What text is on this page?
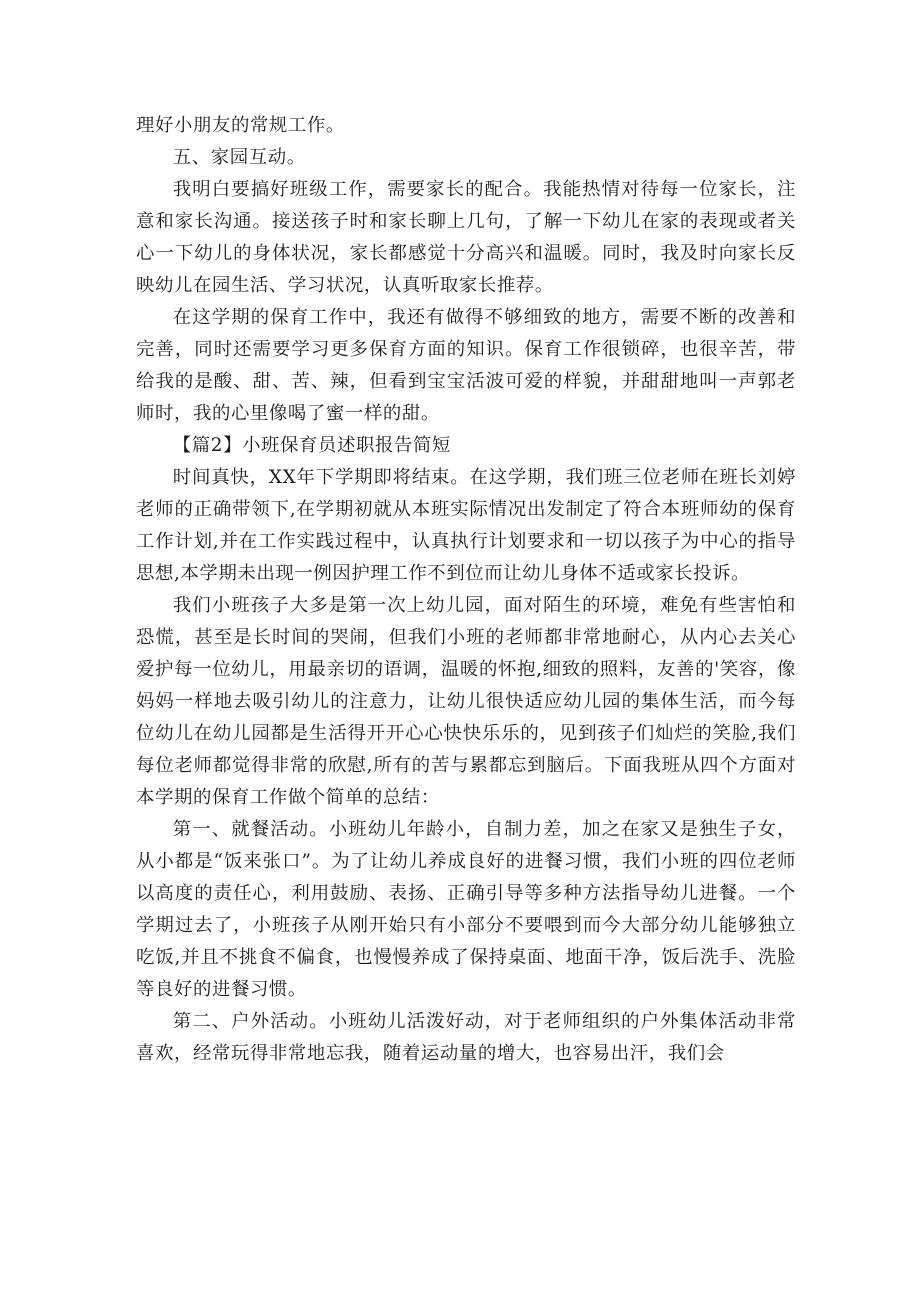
理好小朋友的常规工作。

五、家园互动。

我明白要搞好班级工作，需要家长的配合。我能热情对待每一位家长，注意和家长沟通。接送孩子时和家长聊上几句，了解一下幼儿在家的表现或者关心一下幼儿的身体状况，家长都感觉十分高兴和温暖。同时，我及时向家长反映幼儿在园生活、学习状况，认真听取家长推荐。

在这学期的保育工作中，我还有做得不够细致的地方，需要不断的改善和完善，同时还需要学习更多保育方面的知识。保育工作很锁碎，也很辛苦，带给我的是酸、甜、苦、辣，但看到宝宝活波可爱的样貌，并甜甜地叫一声郭老师时，我的心里像喝了蜜一样的甜。

【篇2】小班保育员述职报告简短

时间真快，XX年下学期即将结束。在这学期，我们班三位老师在班长刘婷老师的正确带领下,在学期初就从本班实际情况出发制定了符合本班师幼的保育工作计划,并在工作实践过程中，认真执行计划要求和一切以孩子为中心的指导思想,本学期未出现一例因护理工作不到位而让幼儿身体不适或家长投诉。

我们小班孩子大多是第一次上幼儿园，面对陌生的环境，难免有些害怕和恐慌，甚至是长时间的哭闹，但我们小班的老师都非常地耐心，从内心去关心爱护每一位幼儿，用最亲切的语调，温暖的怀抱,细致的照料，友善的'笑容，像妈妈一样地去吸引幼儿的注意力，让幼儿很快适应幼儿园的集体生活，而今每位幼儿在幼儿园都是生活得开开心心快快乐乐的，见到孩子们灿烂的笑脸,我们每位老师都觉得非常的欣慰,所有的苦与累都忘到脑后。下面我班从四个方面对本学期的保育工作做个简单的总结：

第一、就餐活动。小班幼儿年龄小，自制力差，加之在家又是独生子女，从小都是“饭来张口”。为了让幼儿养成良好的进餐习惯，我们小班的四位老师以高度的责任心，利用鼓励、表扬、正确引导等多种方法指导幼儿进餐。一个学期过去了，小班孩子从刚开始只有小部分不要喂到而今大部分幼儿能够独立吃饭,并且不挑食不偏食，也慢慢养成了保持桌面、地面干净，饭后洗手、洗脸等良好的进餐习惯。

第二、户外活动。小班幼儿活泼好动，对于老师组织的户外集体活动非常喜欢，经常玩得非常地忘我，随着运动量的增大，也容易出汗，我们会
